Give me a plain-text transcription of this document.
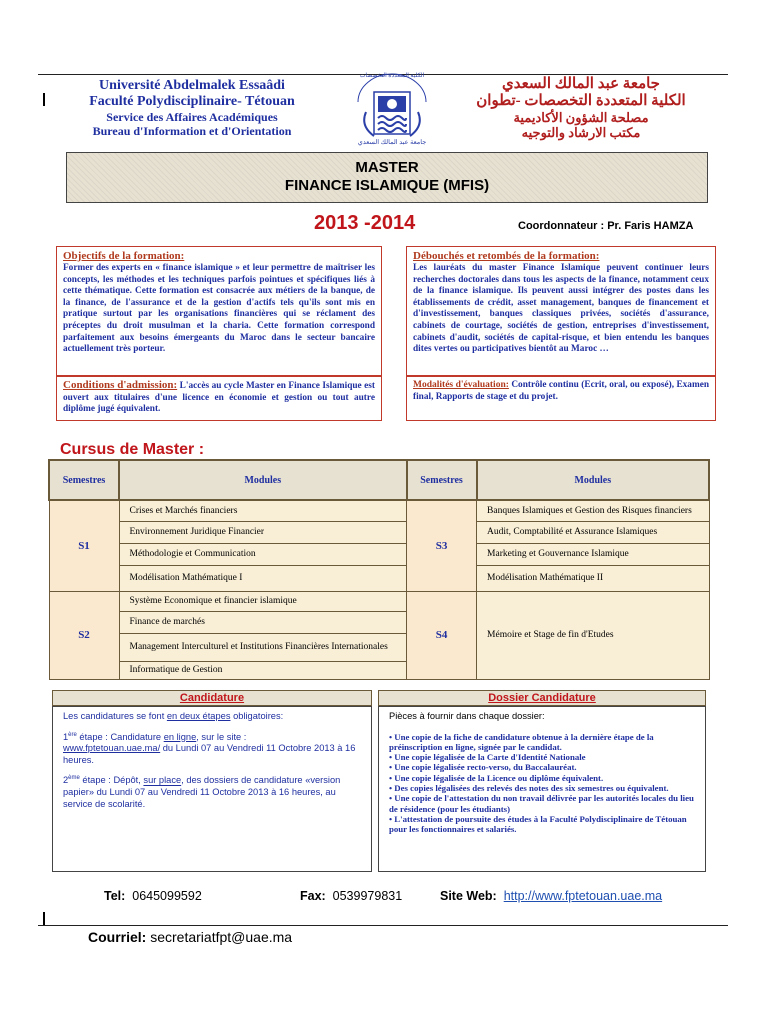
Université Abdelmalek Essaâdi
Faculté Polydisciplinaire- Tétouan
Service des Affaires Académiques
Bureau d'Information et d'Orientation
الكلية المتعددة التخصصات
جامعة عبد المالك السعدي
جامعة عبد المالك السعدي
الكلية المتعددة التخصصات -تطوان
مصلحة الشؤون الأكاديمية
مكتب الارشاد والتوجيه
MASTER
FINANCE ISLAMIQUE (MFIS)
2013 -2014	Coordonnateur : Pr. Faris HAMZA
Objectifs de la formation:
Former des experts en « finance islamique » et leur permettre de maîtriser les concepts, les méthodes et les techniques parfois pointues et spécifiques liés à cette thématique. Cette formation est consacrée aux métiers de la banque, de la finance, de l'assurance et de la gestion d'actifs tels qu'ils sont mis en pratique surtout par les organisations financières qui se réclament des préceptes du droit musulman et la charia. Cette formation correspond parfaitement aux besoins émergeants du Maroc dans le secteur bancaire actuellement très porteur.
Débouchés et retombés de la formation:
Les lauréats du master Finance Islamique peuvent continuer leurs recherches doctorales dans tous les aspects de la finance, notamment ceux de la finance islamique. Ils peuvent aussi intégrer des postes dans les établissements de crédit, asset management, banques de financement et d'investissement, banques classiques privées, sociétés d'assurance, cabinets de courtage, sociétés de gestion, entreprises d'investissement, cabinets d'audit, sociétés de capital-risque, et bien entendu les banques dites vertes ou participatives bientôt au Maroc …
Conditions d'admission: L'accès au cycle Master en Finance Islamique est ouvert aux titulaires d'une licence en économie et gestion ou tout autre diplôme jugé équivalent.
Modalités d'évaluation: Contrôle continu (Ecrit, oral, ou exposé), Examen final, Rapports de stage et du projet.
Cursus de Master :
Semestres	Modules	Semestres	Modules
S1	Crises et Marchés financiers	S3	Banques Islamiques et Gestion des Risques financiers
	Environnement Juridique Financier		Audit, Comptabilité et Assurance Islamiques
	Méthodologie et Communication		Marketing et Gouvernance Islamique
	Modélisation Mathématique I		Modélisation Mathématique II
S2	Système Economique et financier islamique	S4	Mémoire et Stage de fin d'Etudes
	Finance de marchés		
	Management Interculturel et Institutions Financières Internationales		
	Informatique de Gestion		
Candidature

Les candidatures se font en deux étapes obligatoires:

1ère étape : Candidature en ligne, sur le site :
www.fptetouan.uae.ma/ du Lundi 07 au Vendredi 11 Octobre 2013 à 16 heures.

2ème étape : Dépôt, sur place, des dossiers de candidature «version papier» du Lundi 07 au Vendredi 11 Octobre 2013 à 16 heures, au service de scolarité.

Dossier Candidature

Pièces à fournir dans chaque dossier:

• Une copie de la fiche de candidature obtenue à la dernière étape de la préinscription en ligne, signée par le candidat.
• Une copie légalisée de la Carte d'Identité Nationale
• Une copie légalisée recto-verso, du Baccalauréat.
• Une copie légalisée de la Licence ou diplôme équivalent.
• Des copies légalisées des relevés des notes des six semestres ou équivalent.
• Une copie de l'attestation du non travail délivrée par les autorités locales du lieu de résidence (pour les étudiants)
• L'attestation de poursuite des études à la Faculté Polydisciplinaire de Tétouan pour les fonctionnaires et salariés.
Tel: 0645099592	Fax: 0539979831	Site Web: http://www.fptetouan.uae.ma
Courriel: secretariatfpt@uae.ma
